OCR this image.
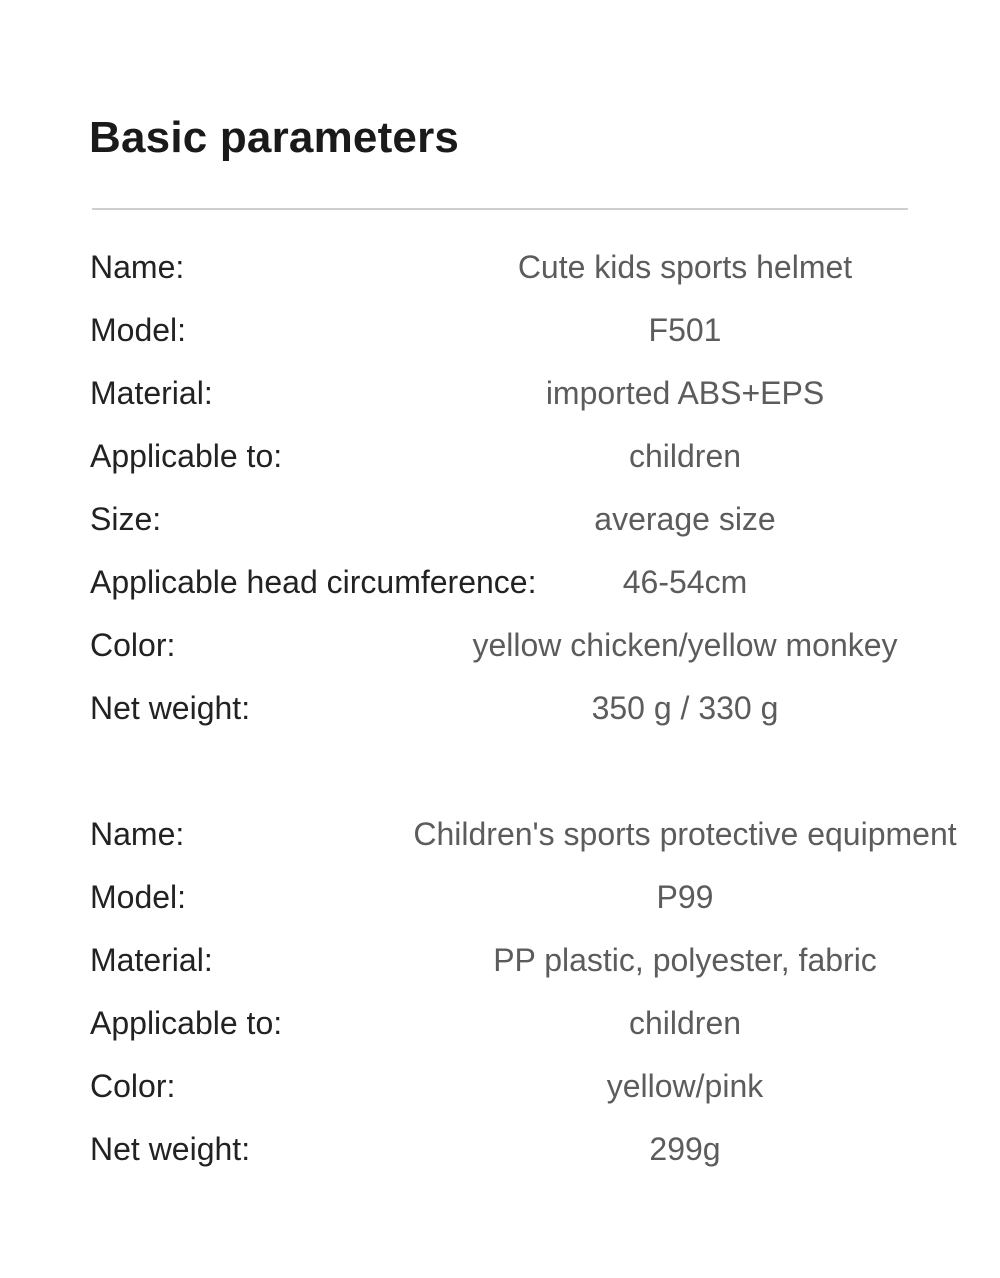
Basic parameters
Name:	Cute kids sports helmet
Model:	F501
Material:	imported ABS+EPS
Applicable to:	children
Size:	average size
Applicable head circumference:	46-54cm
Color:	yellow chicken/yellow monkey
Net weight:	350 g / 330 g
Name:	Children's sports protective equipment
Model:	P99
Material:	PP plastic, polyester, fabric
Applicable to:	children
Color:	yellow/pink
Net weight:	299g
